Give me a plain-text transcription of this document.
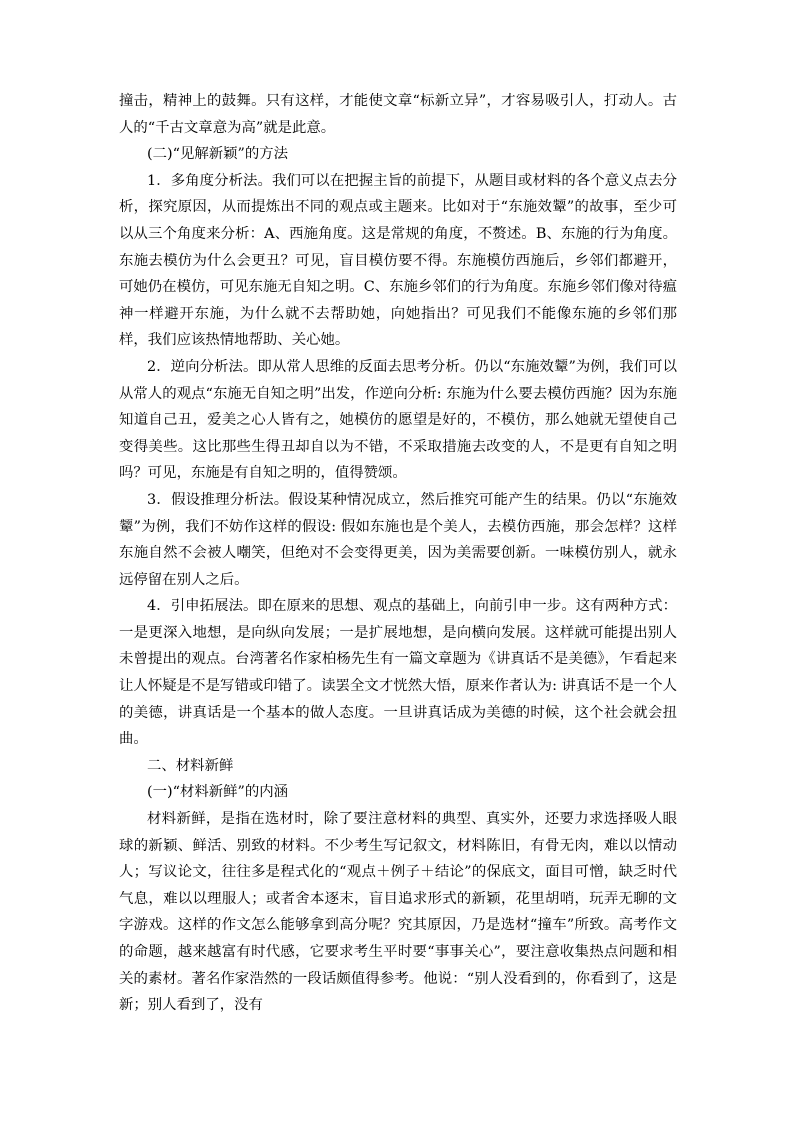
撞击，精神上的鼓舞。只有这样，才能使文章“标新立异”，才容易吸引人，打动人。古人的“千古文章意为高”就是此意。

(二)“见解新颖”的方法

1．多角度分析法。我们可以在把握主旨的前提下，从题目或材料的各个意义点去分析，探究原因，从而提炼出不同的观点或主题来。比如对于“东施效颦”的故事，至少可以从三个角度来分析：A、西施角度。这是常规的角度，不赘述。B、东施的行为角度。东施去模仿为什么会更丑？可见，盲目模仿要不得。东施模仿西施后，乡邻们都避开，可她仍在模仿，可见东施无自知之明。C、东施乡邻们的行为角度。东施乡邻们像对待瘟神一样避开东施，为什么就不去帮助她，向她指出？可见我们不能像东施的乡邻们那样，我们应该热情地帮助、关心她。

2．逆向分析法。即从常人思维的反面去思考分析。仍以“东施效颦”为例，我们可以从常人的观点“东施无自知之明”出发，作逆向分析: 东施为什么要去模仿西施？因为东施知道自己丑，爱美之心人皆有之，她模仿的愿望是好的，不模仿，那么她就无望使自己变得美些。这比那些生得丑却自以为不错，不采取措施去改变的人，不是更有自知之明吗？可见，东施是有自知之明的，值得赞颂。

3．假设推理分析法。假设某种情况成立，然后推究可能产生的结果。仍以“东施效颦”为例，我们不妨作这样的假设: 假如东施也是个美人，去模仿西施，那会怎样？这样东施自然不会被人嘲笑，但绝对不会变得更美，因为美需要创新。一味模仿别人，就永远停留在别人之后。

4．引申拓展法。即在原来的思想、观点的基础上，向前引申一步。这有两种方式：一是更深入地想，是向纵向发展；一是扩展地想，是向横向发展。这样就可能提出别人未曾提出的观点。台湾著名作家柏杨先生有一篇文章题为《讲真话不是美德》，乍看起来让人怀疑是不是写错或印错了。读罢全文才恍然大悟，原来作者认为: 讲真话不是一个人的美德，讲真话是一个基本的做人态度。一旦讲真话成为美德的时候，这个社会就会扭曲。

二、材料新鲜

(一)“材料新鲜”的内涵

材料新鲜，是指在选材时，除了要注意材料的典型、真实外，还要力求选择吸人眼球的新颖、鲜活、别致的材料。不少考生写记叙文，材料陈旧，有骨无肉，难以以情动人；写议论文，往往多是程式化的“观点＋例子＋结论”的保底文，面目可憎，缺乏时代气息，难以以理服人；或者舍本逐末，盲目追求形式的新颖，花里胡哨，玩弄无聊的文字游戏。这样的作文怎么能够拿到高分呢？究其原因，乃是选材“撞车”所致。高考作文的命题，越来越富有时代感，它要求考生平时要“事事关心”，要注意收集热点问题和相关的素材。著名作家浩然的一段话颇值得参考。他说：“别人没看到的，你看到了，这是新；别人看到了，没有
